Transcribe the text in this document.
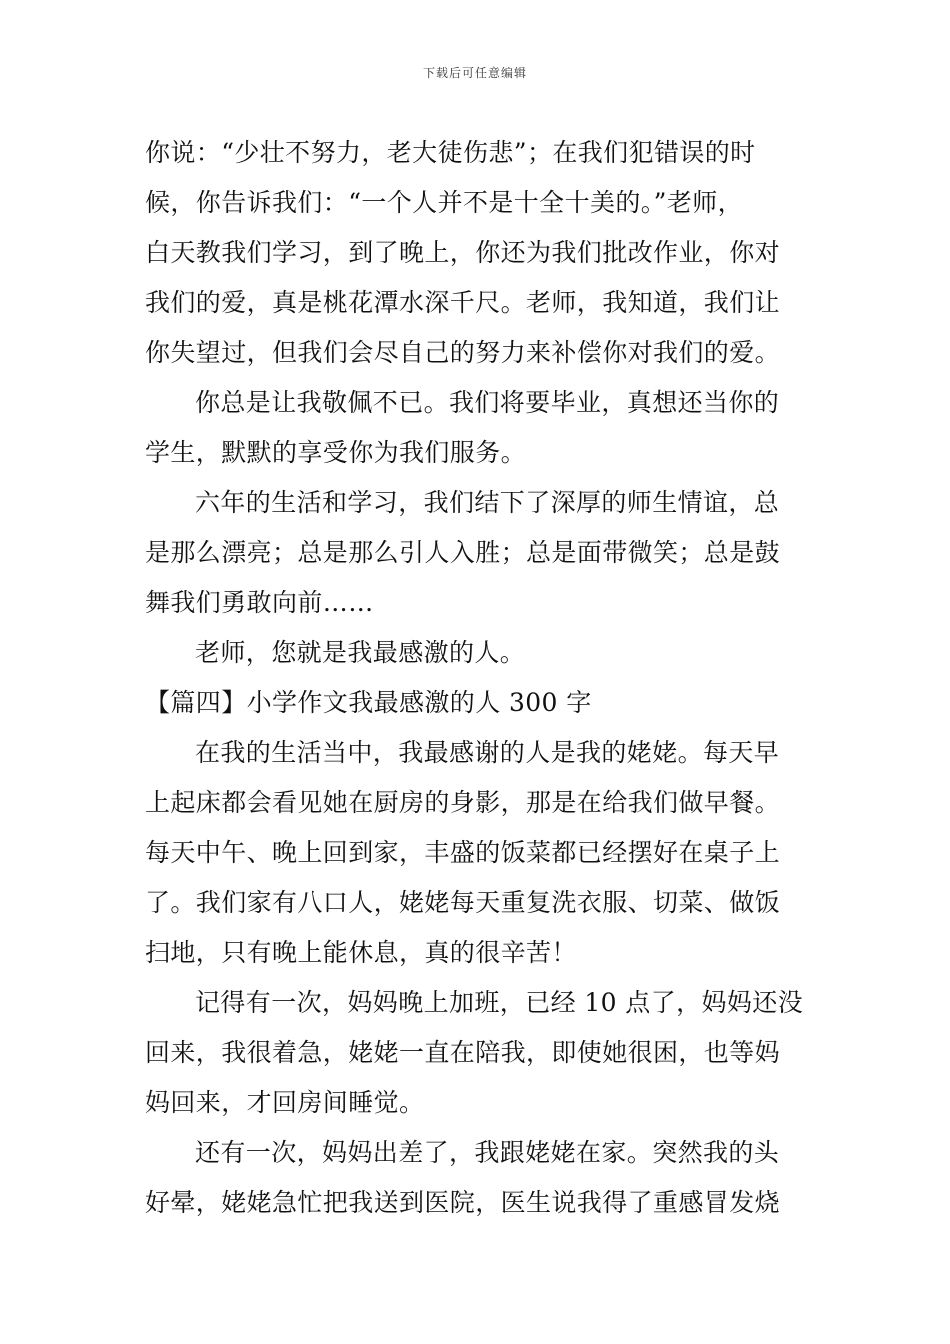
下载后可任意编辑
你说：“少壮不努力，老大徒伤悲”；在我们犯错误的时
候，你告诉我们：“一个人并不是十全十美的。”老师，
白天教我们学习，到了晚上，你还为我们批改作业，你对
我们的爱，真是桃花潭水深千尺。老师，我知道，我们让
你失望过，但我们会尽自己的努力来补偿你对我们的爱。
你总是让我敬佩不已。我们将要毕业，真想还当你的
学生，默默的享受你为我们服务。
六年的生活和学习，我们结下了深厚的师生情谊，总
是那么漂亮；总是那么引人入胜；总是面带微笑；总是鼓
舞我们勇敢向前……
老师，您就是我最感激的人。
【篇四】小学作文我最感激的人 300 字
在我的生活当中，我最感谢的人是我的姥姥。每天早
上起床都会看见她在厨房的身影，那是在给我们做早餐。
每天中午、晚上回到家，丰盛的饭菜都已经摆好在桌子上
了。我们家有八口人，姥姥每天重复洗衣服、切菜、做饭
扫地，只有晚上能休息，真的很辛苦！
记得有一次，妈妈晚上加班，已经 10 点了，妈妈还没
回来，我很着急，姥姥一直在陪我，即使她很困，也等妈
妈回来，才回房间睡觉。
还有一次，妈妈出差了，我跟姥姥在家。突然我的头
好晕，姥姥急忙把我送到医院，医生说我得了重感冒发烧
